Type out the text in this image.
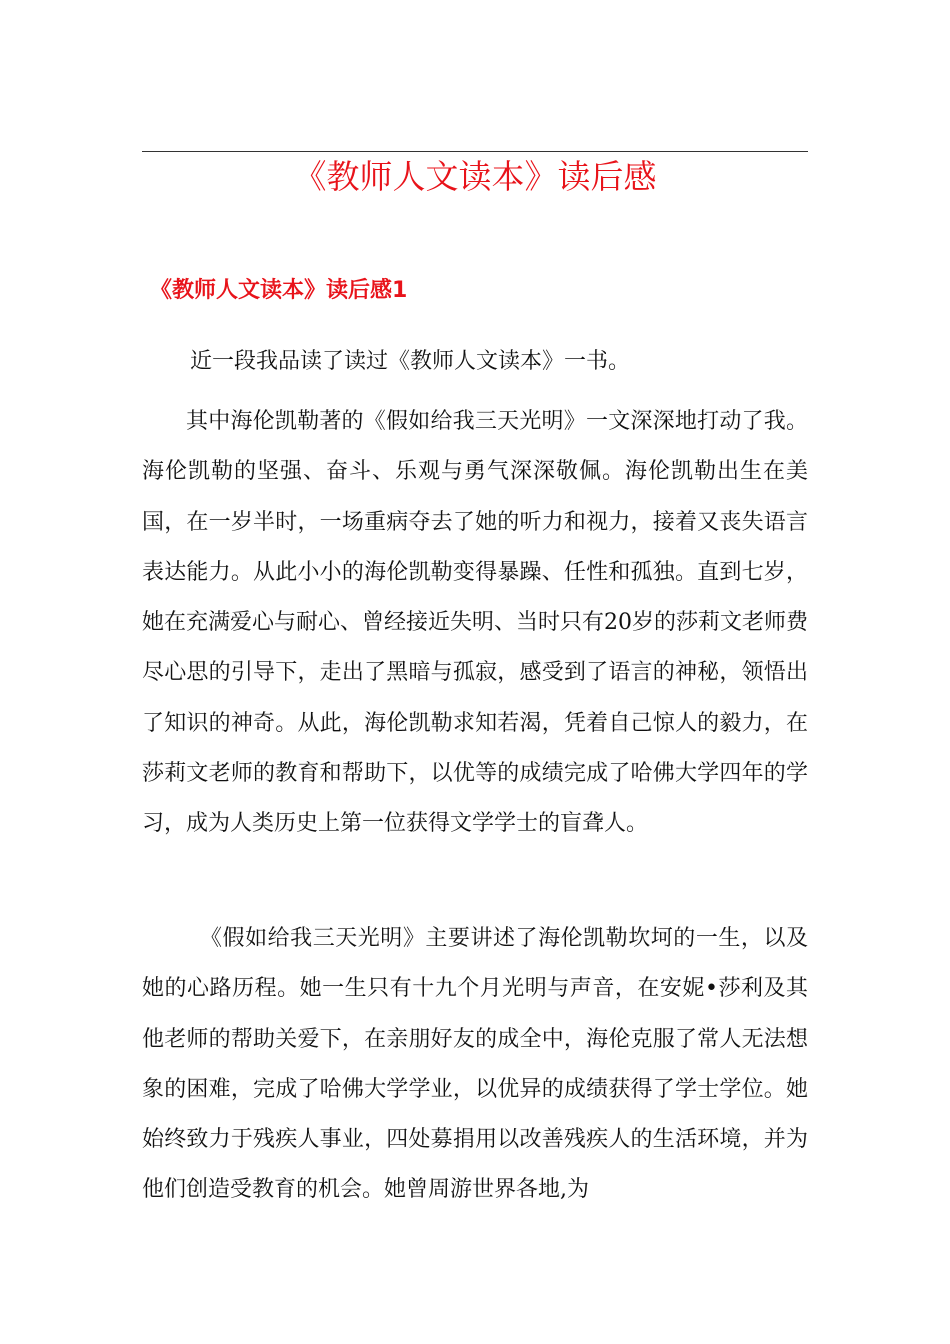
《教师人文读本》读后感
《教师人文读本》读后感1

近一段我品读了读过《教师人文读本》一书。

其中海伦凯勒著的《假如给我三天光明》一文深深地打动了我。海伦凯勒的坚强、奋斗、乐观与勇气深深敬佩。海伦凯勒出生在美国，在一岁半时，一场重病夺去了她的听力和视力，接着又丧失语言表达能力。从此小小的海伦凯勒变得暴躁、任性和孤独。直到七岁，她在充满爱心与耐心、曾经接近失明、当时只有20岁的莎莉文老师费尽心思的引导下，走出了黑暗与孤寂，感受到了语言的神秘，领悟出了知识的神奇。从此，海伦凯勒求知若渴，凭着自己惊人的毅力，在莎莉文老师的教育和帮助下，以优等的成绩完成了哈佛大学四年的学习，成为人类历史上第一位获得文学学士的盲聋人。

《假如给我三天光明》主要讲述了海伦凯勒坎坷的一生，以及她的心路历程。她一生只有十九个月光明与声音，在安妮•莎利及其他老师的帮助关爱下，在亲朋好友的成全中，海伦克服了常人无法想象的困难，完成了哈佛大学学业，以优异的成绩获得了学士学位。她始终致力于残疾人事业，四处募捐用以改善残疾人的生活环境，并为他们创造受教育的机会。她曾周游世界各地,为
